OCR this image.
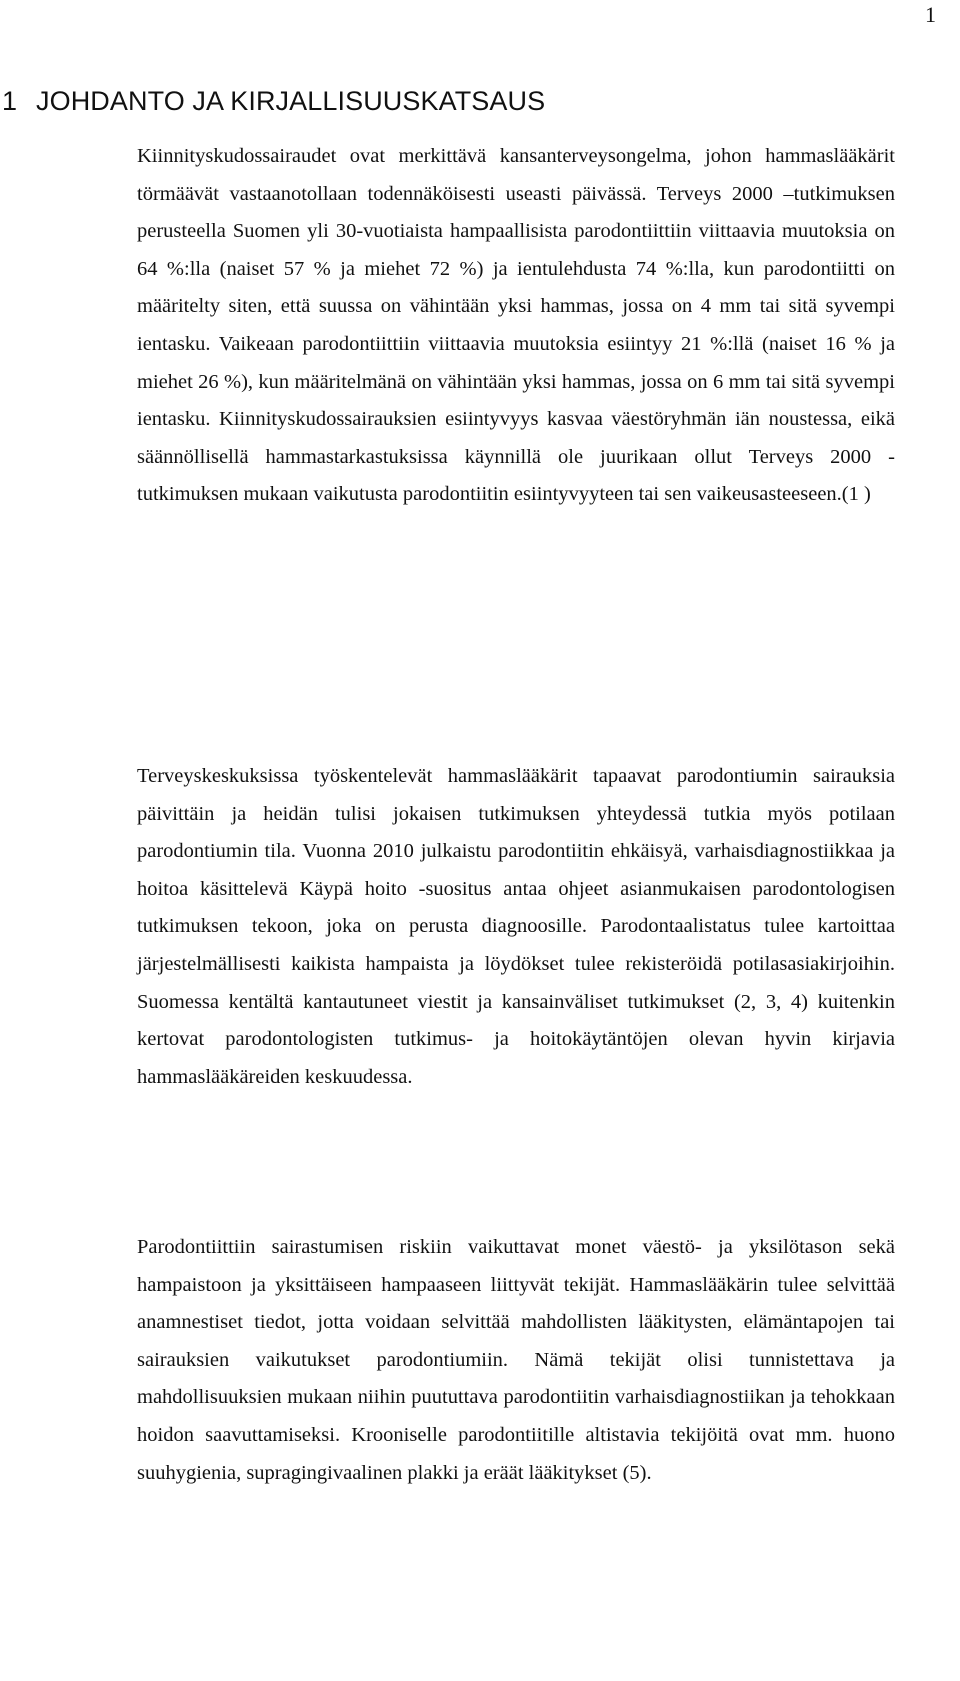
1
1 JOHDANTO JA KIRJALLISUUSKATSAUS

Kiinnityskudossairaudet ovat merkittävä kansanterveysongelma, johon hammaslääkärit törmäävät vastaanotollaan todennäköisesti useasti päivässä. Terveys 2000 –tutkimuksen perusteella Suomen yli 30-vuotiaista hampaallisista parodontiittiin viittaavia muutoksia on 64 %:lla (naiset 57 % ja miehet 72 %) ja ientulehdusta 74 %:lla, kun parodontiitti on määritelty siten, että suussa on vähintään yksi hammas, jossa on 4 mm tai sitä syvempi ientasku. Vaikeaan parodontiittiin viittaavia muutoksia esiintyy 21 %:llä (naiset 16 % ja miehet 26 %), kun määritelmänä on vähintään yksi hammas, jossa on 6 mm tai sitä syvempi ientasku. Kiinnityskudossairauksien esiintyvyys kasvaa väestöryhmän iän noustessa, eikä säännöllisellä hammastarkastuksissa käynnillä ole juurikaan ollut Terveys 2000 -tutkimuksen mukaan vaikutusta parodontiitin esiintyvyyteen tai sen vaikeusasteeseen.(1 )

Terveyskeskuksissa työskentelevät hammaslääkärit tapaavat parodontiumin sairauksia päivittäin ja heidän tulisi jokaisen tutkimuksen yhteydessä tutkia myös potilaan parodontiumin tila. Vuonna 2010 julkaistu parodontiitin ehkäisyä, varhaisdiagnostiikkaa ja hoitoa käsittelevä Käypä hoito -suositus antaa ohjeet asianmukaisen parodontologisen tutkimuksen tekoon, joka on perusta diagnoosille. Parodontaalistatus tulee kartoittaa järjestelmällisesti kaikista hampaista ja löydökset tulee rekisteröidä potilasasiakirjoihin. Suomessa kentältä kantautuneet viestit ja kansainväliset tutkimukset (2, 3, 4) kuitenkin kertovat parodontologisten tutkimus- ja hoitokäytäntöjen olevan hyvin kirjavia hammaslääkäreiden keskuudessa.

Parodontiittiin sairastumisen riskiin vaikuttavat monet väestö- ja yksilötason sekä hampaistoon ja yksittäiseen hampaaseen liittyvät tekijät. Hammaslääkärin tulee selvittää anamnestiset tiedot, jotta voidaan selvittää mahdollisten lääkitysten, elämäntapojen tai sairauksien vaikutukset parodontiumiin. Nämä tekijät olisi tunnistettava ja mahdollisuuksien mukaan niihin puututtava parodontiitin varhaisdiagnostiikan ja tehokkaan hoidon saavuttamiseksi. Krooniselle parodontiitille altistavia tekijöitä ovat mm. huono suuhygienia, supragingivaalinen plakki ja eräät lääkitykset (5).
